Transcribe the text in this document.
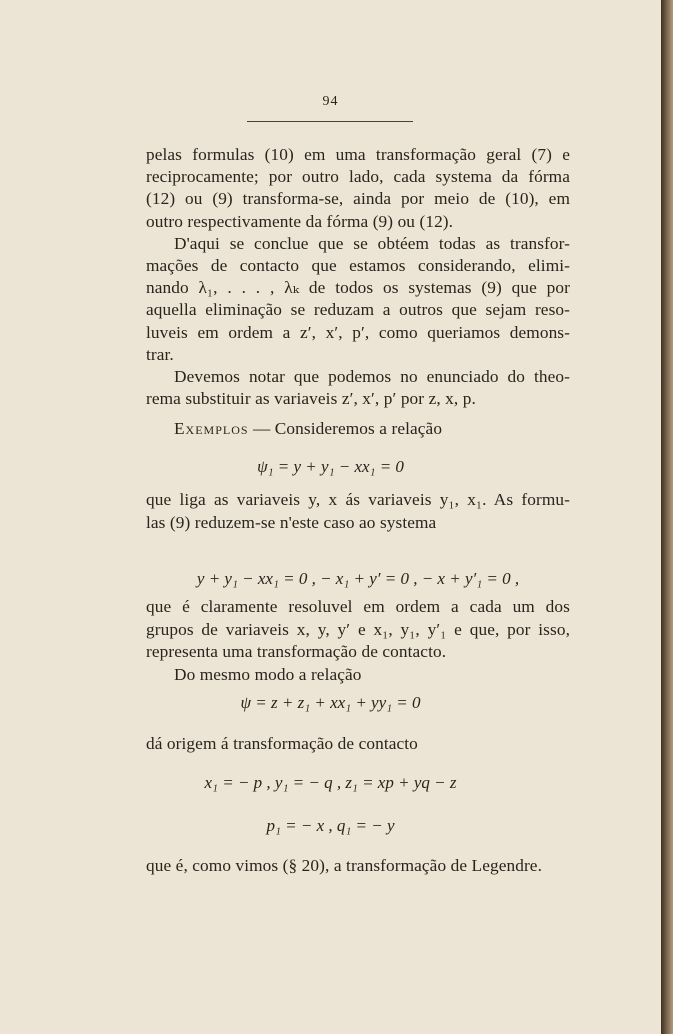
94
pelas formulas (10) em uma transformação geral (7) e
reciprocamente; por outro lado, cada systema da fórma
(12) ou (9) transforma-se, ainda por meio de (10), em
outro respectivamente da fórma (9) ou (12).
D'aqui se conclue que se obtéem todas as transfor-
mações de contacto que estamos considerando, elimi-
nando λ₁, . . . , λₖ de todos os systemas (9) que por
aquella eliminação se reduzam a outros que sejam reso-
luveis em ordem a z′, x′, p′, como queriamos demons-
trar.
Devemos notar que podemos no enunciado do theo-
rema substituir as variaveis z′, x′, p′ por z, x, p.
Exemplos — Consideremos a relação
ψ₁ = y + y₁ − xx₁ = 0
que liga as variaveis y, x ás variaveis y₁, x₁. As formu-
las (9) reduzem-se n'este caso ao systema
y + y₁ − xx₁ = 0 , − x₁ + y′ = 0 , − x + y′₁ = 0 ,
que é claramente resoluvel em ordem a cada um dos
grupos de variaveis x, y, y′ e x₁, y₁, y′₁ e que, por isso,
representa uma transformação de contacto.
Do mesmo modo a relação
ψ = z + z₁ + xx₁ + yy₁ = 0
dá origem á transformação de contacto
x₁ = − p , y₁ = − q , z₁ = xp + yq − z
p₁ = − x , q₁ = − y
que é, como vimos (§ 20), a transformação de Legendre.
